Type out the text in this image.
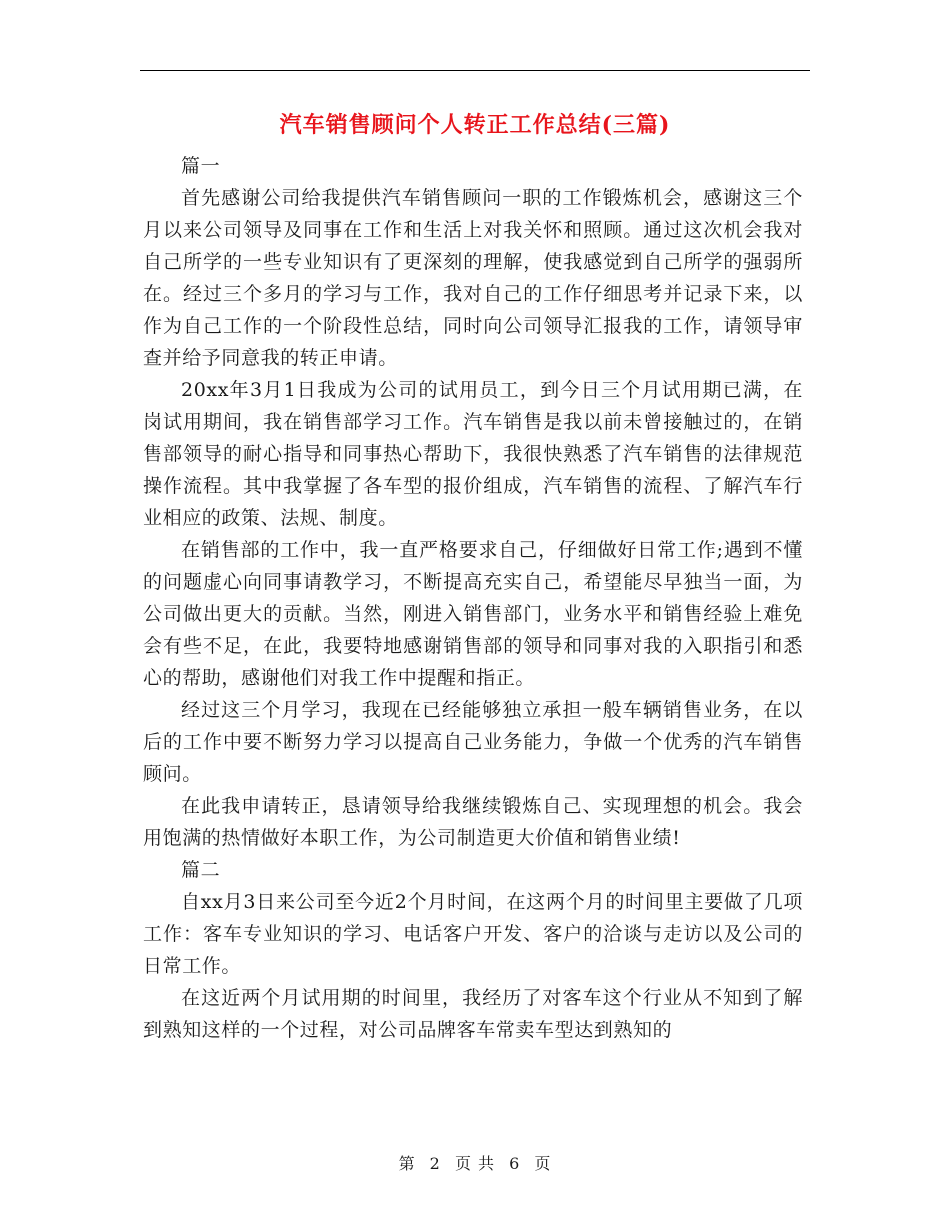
汽车销售顾问个人转正工作总结(三篇)

篇一

首先感谢公司给我提供汽车销售顾问一职的工作锻炼机会，感谢这三个月以来公司领导及同事在工作和生活上对我关怀和照顾。通过这次机会我对自己所学的一些专业知识有了更深刻的理解，使我感觉到自己所学的强弱所在。经过三个多月的学习与工作，我对自己的工作仔细思考并记录下来，以作为自己工作的一个阶段性总结，同时向公司领导汇报我的工作，请领导审查并给予同意我的转正申请。

20xx年3月1日我成为公司的试用员工，到今日三个月试用期已满，在岗试用期间，我在销售部学习工作。汽车销售是我以前未曾接触过的，在销售部领导的耐心指导和同事热心帮助下，我很快熟悉了汽车销售的法律规范操作流程。其中我掌握了各车型的报价组成，汽车销售的流程、了解汽车行业相应的政策、法规、制度。

在销售部的工作中，我一直严格要求自己，仔细做好日常工作;遇到不懂的问题虚心向同事请教学习，不断提高充实自己，希望能尽早独当一面，为公司做出更大的贡献。当然，刚进入销售部门，业务水平和销售经验上难免会有些不足，在此，我要特地感谢销售部的领导和同事对我的入职指引和悉心的帮助，感谢他们对我工作中提醒和指正。

经过这三个月学习，我现在已经能够独立承担一般车辆销售业务，在以后的工作中要不断努力学习以提高自己业务能力，争做一个优秀的汽车销售顾问。

在此我申请转正，恳请领导给我继续锻炼自己、实现理想的机会。我会用饱满的热情做好本职工作，为公司制造更大价值和销售业绩!

篇二

自xx月3日来公司至今近2个月时间，在这两个月的时间里主要做了几项工作：客车专业知识的学习、电话客户开发、客户的洽谈与走访以及公司的日常工作。

在这近两个月试用期的时间里，我经历了对客车这个行业从不知到了解到熟知这样的一个过程，对公司品牌客车常卖车型达到熟知的

第 2 页 共 6 页
